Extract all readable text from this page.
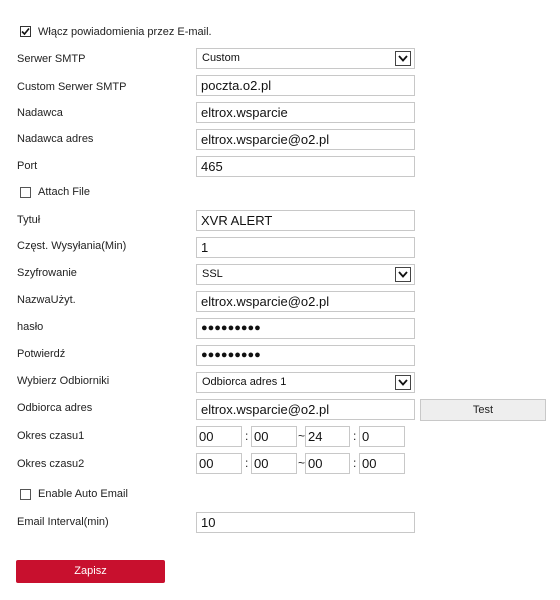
Włącz powiadomienia przez E-mail.
Serwer SMTP	Custom
Custom Serwer SMTP	poczta.o2.pl
Nadawca	eltrox.wsparcie
Nadawca adres	eltrox.wsparcie@o2.pl
Port	465
Attach File
Tytuł	XVR ALERT
Częst. Wysyłania(Min)	1
Szyfrowanie	SSL
NazwaUżyt.	eltrox.wsparcie@o2.pl
hasło	●●●●●●●●●
Potwierdź	●●●●●●●●●
Wybierz Odbiorniki	Odbiorca adres 1
Odbiorca adres	eltrox.wsparcie@o2.pl	Test
Okres czasu1	00	: 00	~ 24	: 0
Okres czasu2	00	: 00	~ 00	: 00
Enable Auto Email
Email Interval(min)	10
Zapisz
